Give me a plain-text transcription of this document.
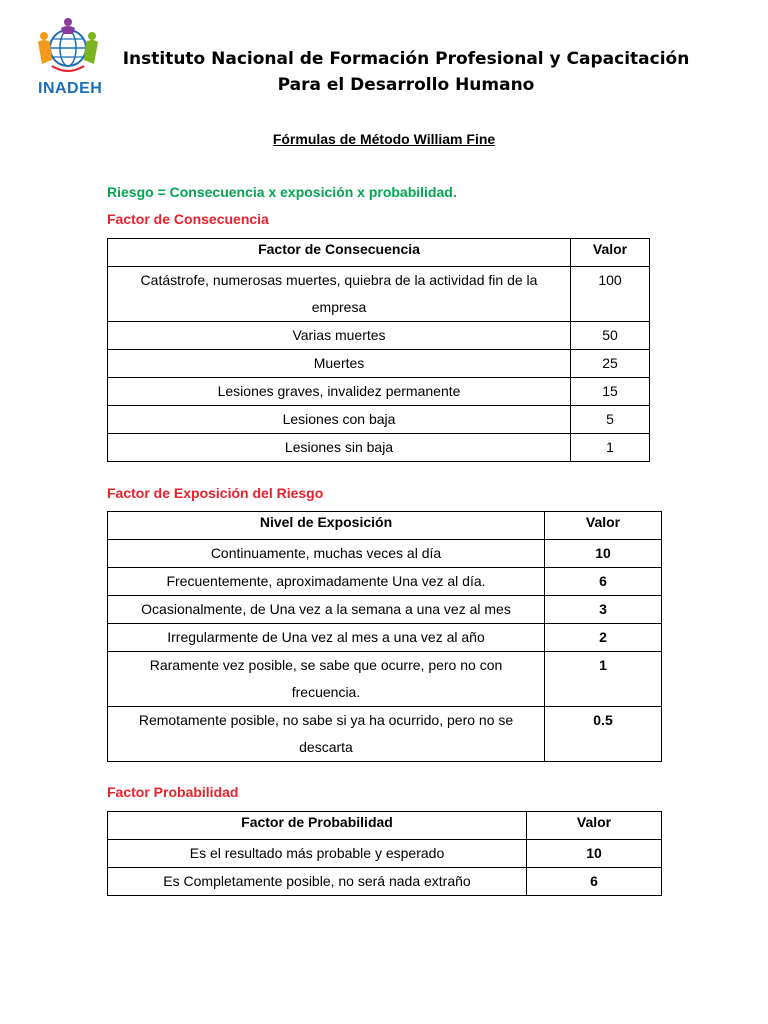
INADEH
Instituto Nacional de Formación Profesional y Capacitación Para el Desarrollo Humano
Fórmulas de Método William Fine
Riesgo = Consecuencia x exposición x probabilidad.
Factor de Consecuencia
Factor de Consecuencia	Valor
Catástrofe, numerosas muertes, quiebra de la actividad fin de la empresa	100
Varias muertes	50
Muertes	25
Lesiones graves, invalidez permanente	15
Lesiones con baja	5
Lesiones sin baja	1
Factor de Exposición del Riesgo
Nivel de Exposición	Valor
Continuamente, muchas veces al día	10
Frecuentemente, aproximadamente Una vez al día.	6
Ocasionalmente, de Una vez a la semana a una vez al mes	3
Irregularmente de Una vez al mes a una vez al año	2
Raramente vez posible, se sabe que ocurre, pero no con frecuencia.	1
Remotamente posible, no sabe si ya ha ocurrido, pero no se descarta	0.5
Factor Probabilidad
Factor de Probabilidad	Valor
Es el resultado más probable y esperado	10
Es Completamente posible, no será nada extraño	6
